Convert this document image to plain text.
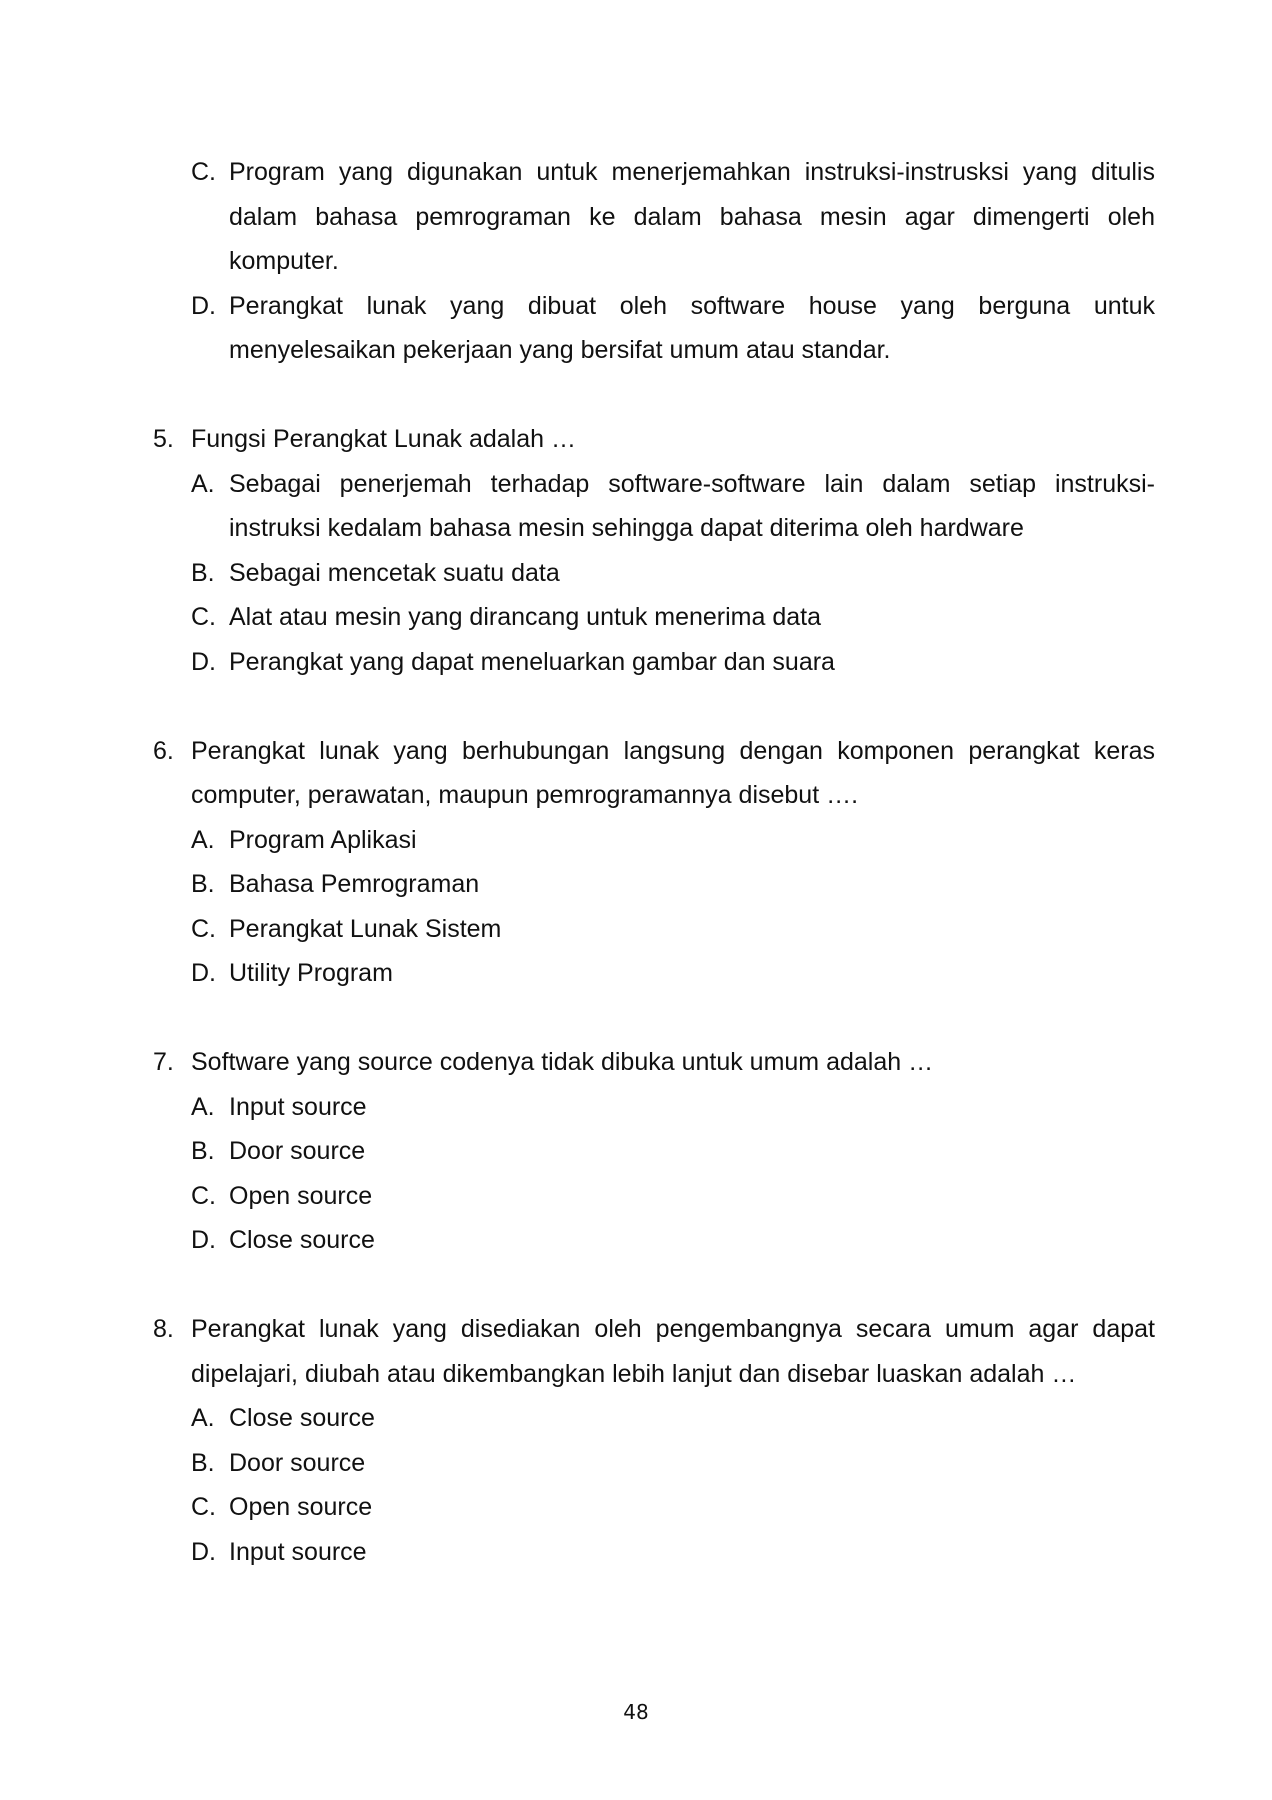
C. Program yang digunakan untuk menerjemahkan instruksi-instrusksi yang ditulis dalam bahasa pemrograman ke dalam bahasa mesin agar dimengerti oleh komputer.
D. Perangkat lunak yang dibuat oleh software house yang berguna untuk menyelesaikan pekerjaan yang bersifat umum atau standar.
5. Fungsi Perangkat Lunak adalah …
A. Sebagai penerjemah terhadap software-software lain dalam setiap instruksi-instruksi kedalam bahasa mesin sehingga dapat diterima oleh hardware
B. Sebagai mencetak suatu data
C. Alat atau mesin yang dirancang untuk menerima data
D. Perangkat yang dapat meneluarkan gambar dan suara
6. Perangkat lunak yang berhubungan langsung dengan komponen perangkat keras computer, perawatan, maupun pemrogramannya disebut ….
A. Program Aplikasi
B. Bahasa Pemrograman
C. Perangkat Lunak Sistem
D. Utility Program
7. Software yang source codenya tidak dibuka untuk umum adalah …
A. Input source
B. Door source
C. Open source
D. Close source
8. Perangkat lunak yang disediakan oleh pengembangnya secara umum agar dapat dipelajari, diubah atau dikembangkan lebih lanjut dan disebar luaskan adalah …
A. Close source
B. Door source
C. Open source
D. Input source
48
